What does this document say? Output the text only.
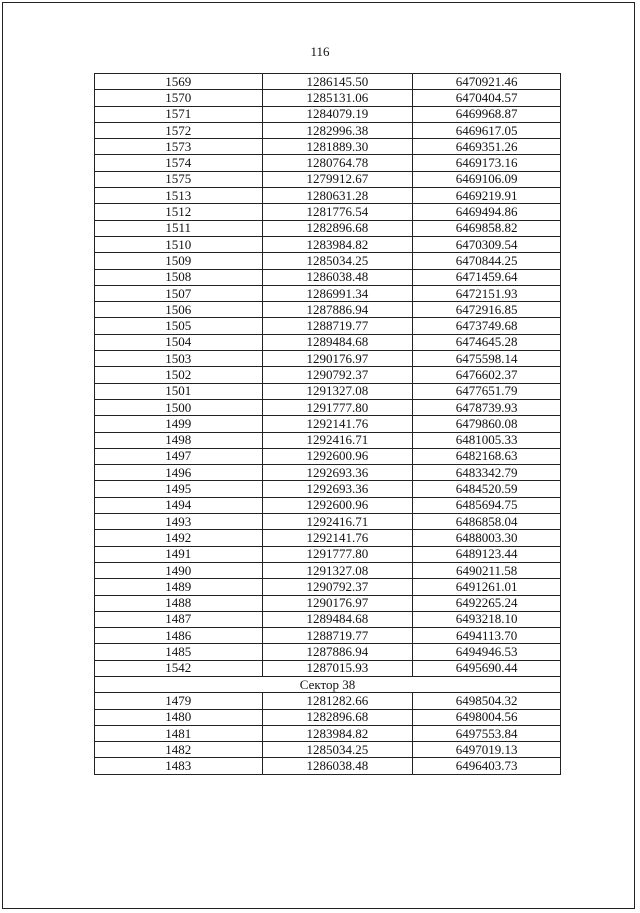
116
1569	1286145.50	6470921.46
1570	1285131.06	6470404.57
1571	1284079.19	6469968.87
1572	1282996.38	6469617.05
1573	1281889.30	6469351.26
1574	1280764.78	6469173.16
1575	1279912.67	6469106.09
1513	1280631.28	6469219.91
1512	1281776.54	6469494.86
1511	1282896.68	6469858.82
1510	1283984.82	6470309.54
1509	1285034.25	6470844.25
1508	1286038.48	6471459.64
1507	1286991.34	6472151.93
1506	1287886.94	6472916.85
1505	1288719.77	6473749.68
1504	1289484.68	6474645.28
1503	1290176.97	6475598.14
1502	1290792.37	6476602.37
1501	1291327.08	6477651.79
1500	1291777.80	6478739.93
1499	1292141.76	6479860.08
1498	1292416.71	6481005.33
1497	1292600.96	6482168.63
1496	1292693.36	6483342.79
1495	1292693.36	6484520.59
1494	1292600.96	6485694.75
1493	1292416.71	6486858.04
1492	1292141.76	6488003.30
1491	1291777.80	6489123.44
1490	1291327.08	6490211.58
1489	1290792.37	6491261.01
1488	1290176.97	6492265.24
1487	1289484.68	6493218.10
1486	1288719.77	6494113.70
1485	1287886.94	6494946.53
1542	1287015.93	6495690.44
Сектор 38		
1479	1281282.66	6498504.32
1480	1282896.68	6498004.56
1481	1283984.82	6497553.84
1482	1285034.25	6497019.13
1483	1286038.48	6496403.73
